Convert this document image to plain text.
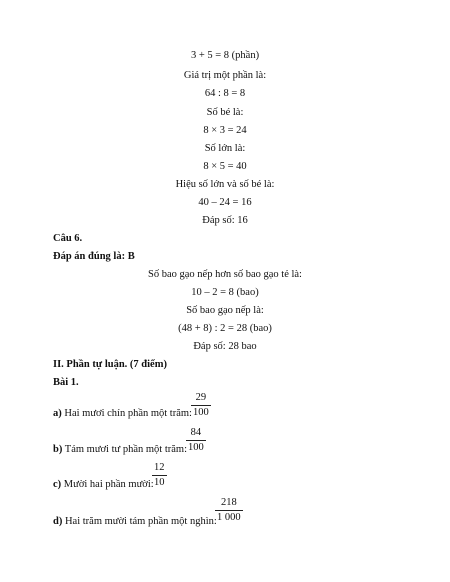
3 + 5 = 8 (phần)
Giá trị một phần là:
64 : 8 = 8
Số bé là:
8 × 3 = 24
Số lớn là:
8 × 5 = 40
Hiệu số lớn và số bé là:
40 – 24 = 16
Đáp số: 16
Câu 6.
Đáp án đúng là: B
Số bao gạo nếp hơn số bao gạo tẻ là:
10 – 2 = 8 (bao)
Số bao gạo nếp là:
(48 + 8) : 2 = 28 (bao)
Đáp số: 28 bao
II. Phần tự luận. (7 điểm)
Bài 1.
a) Hai mươi chín phần một trăm:
29
100
b) Tám mươi tư phần một trăm:
84
100
c) Mười hai phần mười:
12
10
d) Hai trăm mười tám phần một nghìn:
218
1 000
